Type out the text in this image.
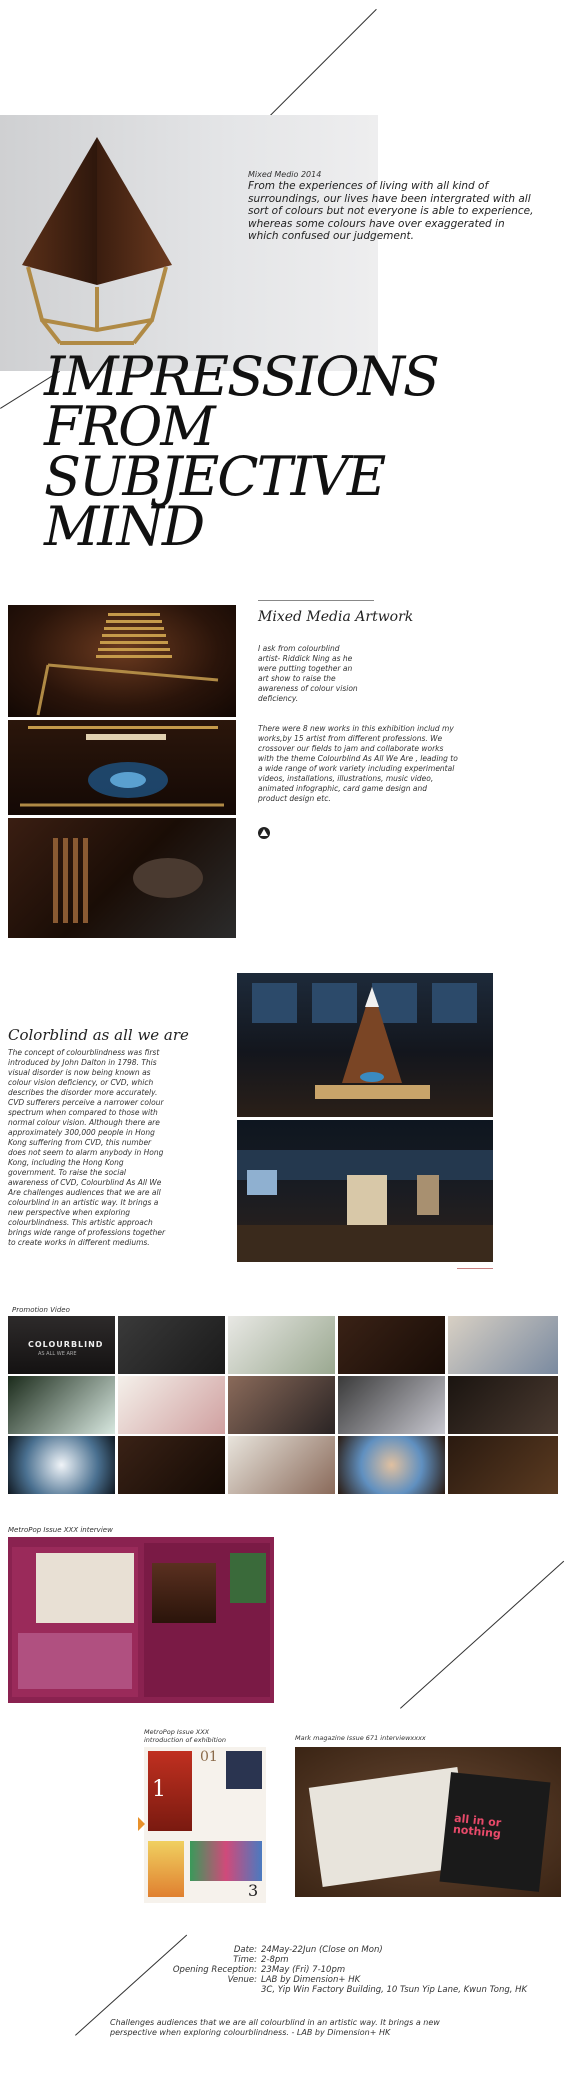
Mixed Medio 2014
From the experiences of living with all kind of surroundings, our lives have been intergrated with all sort of colours but not everyone is able to experience, whereas some colours have over exaggerated in which confused our judgement.
IMPRESSIONS
FROM
SUBJECTIVE
MIND
Mixed Media Artwork
I ask from colourblind artist- Riddick Ning as he were putting together an art show to raise the awareness of colour vision deficiency.
There were 8 new works in this exhibition includ my works,by 15 artist from different professions. We crossover our fields to jam and collaborate works with the theme Colourblind As All We Are , leading to a wide range of work variety including experimental videos, installations, illustrations, music video, animated infographic, card game design and product design etc.
Colorblind as all we are
The concept of colourblindness was first introduced by John Dalton in 1798. This visual disorder is now being known as colour vision deficiency, or CVD, which describes the disorder more accurately. CVD sufferers perceive a narrower colour spectrum when compared to those with normal colour vision. Although there are approximately 300,000 people in Hong Kong suffering from CVD, this number does not seem to alarm anybody in Hong Kong, including the Hong Kong government. To raise the social awareness of CVD, Colourblind As All We Are challenges audiences that we are all colourblind in an artistic way. It brings a new perspective when exploring colourblindness. This artistic approach brings wide range of professions together to create works in different mediums.
Promotion Video
COLOURBLIND
AS ALL WE ARE
MetroPop Issue XXX interview
MetroPop Issue XXX introduction of exhibition
01
1
3
Mark magazine Issue 671 interviewxxxx
all in or nothing
Date: 24May-22Jun (Close on Mon)
Time: 2-8pm
Opening Reception: 23May (Fri) 7-10pm
Venue: LAB by Dimension+ HK
3C, Yip Win Factory Building, 10 Tsun Yip Lane, Kwun Tong, HK
Challenges audiences that we are all colourblind in an artistic way. It brings a new perspective when exploring colourblindness. - LAB by Dimension+ HK
